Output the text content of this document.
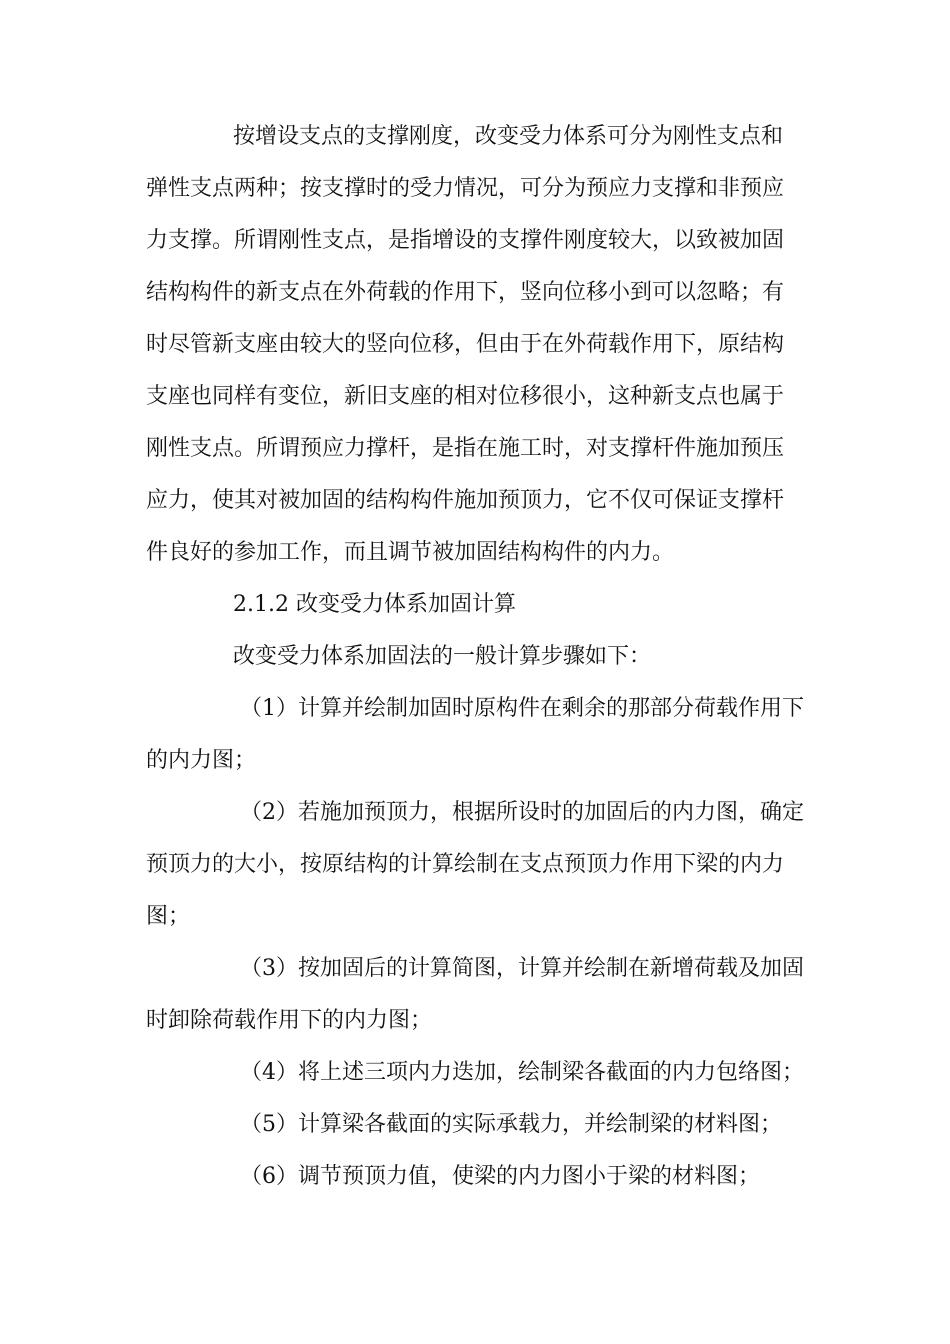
按增设支点的支撑刚度，改变受力体系可分为刚性支点和
弹性支点两种；按支撑时的受力情况，可分为预应力支撑和非预应
力支撑。所谓刚性支点，是指增设的支撑件刚度较大，以致被加固
结构构件的新支点在外荷载的作用下，竖向位移小到可以忽略；有
时尽管新支座由较大的竖向位移，但由于在外荷载作用下，原结构
支座也同样有变位，新旧支座的相对位移很小，这种新支点也属于
刚性支点。所谓预应力撑杆，是指在施工时，对支撑杆件施加预压
应力，使其对被加固的结构构件施加预顶力，它不仅可保证支撑杆
件良好的参加工作，而且调节被加固结构构件的内力。
2.1.2 改变受力体系加固计算
改变受力体系加固法的一般计算步骤如下：
（1）计算并绘制加固时原构件在剩余的那部分荷载作用下
的内力图；
（2）若施加预顶力，根据所设时的加固后的内力图，确定
预顶力的大小，按原结构的计算绘制在支点预顶力作用下梁的内力
图；
（3）按加固后的计算简图，计算并绘制在新增荷载及加固
时卸除荷载作用下的内力图；
（4）将上述三项内力迭加，绘制梁各截面的内力包络图；
（5）计算梁各截面的实际承载力，并绘制梁的材料图；
（6）调节预顶力值，使梁的内力图小于梁的材料图；
